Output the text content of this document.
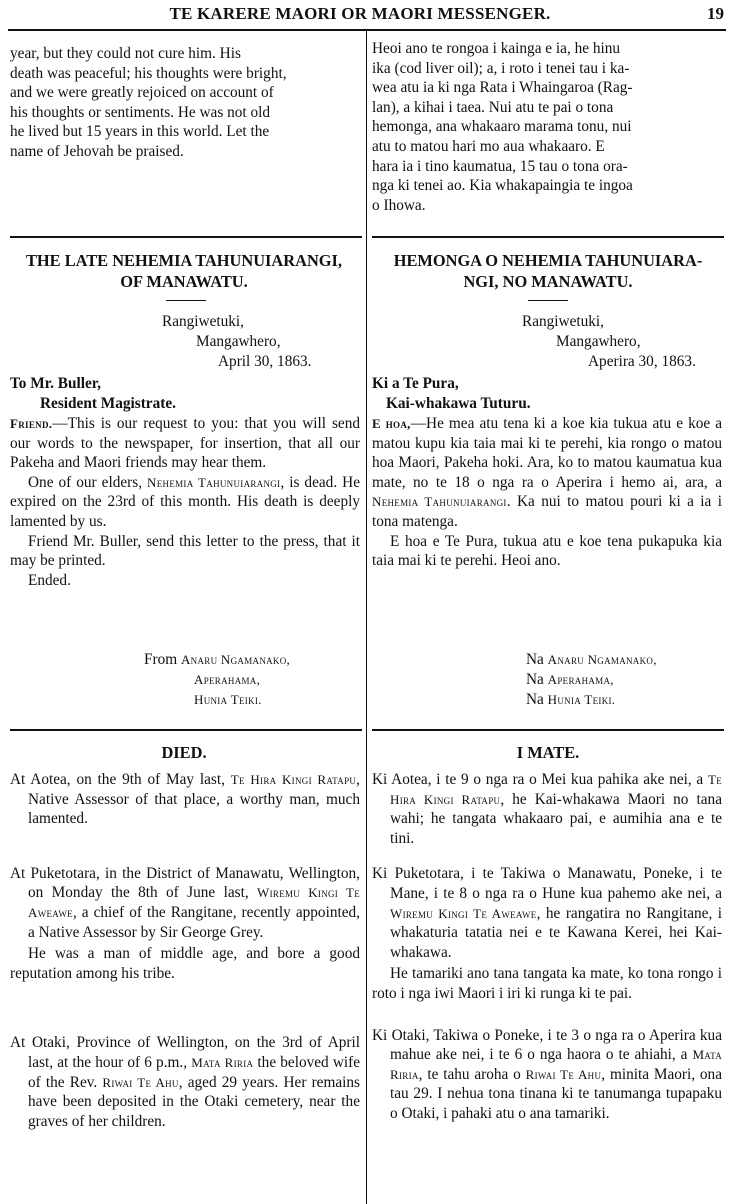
TE KARERE MAORI OR MAORI MESSENGER.	19
year, but they could not cure him. His
death was peaceful; his thoughts were bright,
and we were greatly rejoiced on account of
his thoughts or sentiments. He was not old
he lived but 15 years in this world. Let the
name of Jehovah be praised.
Heoi ano te rongoa i kainga e ia, he hinu
ika (cod liver oil); a, i roto i tenei tau i ka-
wea atu ia ki nga Rata i Whaingaroa (Rag-
lan), a kihai i taea. Nui atu te pai o tona
hemonga, ana whakaaro marama tonu, nui
atu to matou hari mo aua whakaaro. E
hara ia i tino kaumatua, 15 tau o tona ora-
nga ki tenei ao. Kia whakapaingia te ingoa
o Ihowa.
THE LATE NEHEMIA TAHUNUIARANGI,
OF MANAWATU.
Rangiwetuki,
Mangawhero,
April 30, 1863.
To Mr. Buller,
Resident Magistrate.

Friend.—This is our request to you: that you will send our words to the newspaper, for insertion, that all our Pakeha and Maori friends may hear them.

One of our elders, Nehemia Tahunuiarangi, is dead. He expired on the 23rd of this month. His death is deeply lamented by us.

Friend Mr. Buller, send this letter to the press, that it may be printed.

Ended.

From Anaru Ngamanako,
Aperahama,
Hunia Teiki.
HEMONGA O NEHEMIA TAHUNUIARA-
NGI, NO MANAWATU.
Rangiwetuki,
Mangawhero,
Aperira 30, 1863.
Ki a Te Pura,
Kai-whakawa Tuturu.

E hoa,—He mea atu tena ki a koe kia tukua atu e koe a matou kupu kia taia mai ki te perehi, kia rongo o matou hoa Maori, Pakeha hoki. Ara, ko to matou kaumatua kua mate, no te 18 o nga ra o Aperira i hemo ai, ara, a Nehemia Tahunuiarangi. Ka nui to matou pouri ki a ia i tona matenga.

E hoa e Te Pura, tukua atu e koe tena pukapuka kia taia mai ki te perehi. Heoi ano.

Na Anaru Ngamanako,
Na Aperahama,
Na Hunia Teiki.
DIED.

At Aotea, on the 9th of May last, Te Hira Kingi Ratapu, Native Assessor of that place, a worthy man, much lamented.

At Puketotara, in the District of Manawatu, Wellington, on Monday the 8th of June last, Wiremu Kingi Te Aweawe, a chief of the Rangitane, recently appointed, a Native Assessor by Sir George Grey.

He was a man of middle age, and bore a good reputation among his tribe.

At Otaki, Province of Wellington, on the 3rd of April last, at the hour of 6 p.m., Mata Riria the beloved wife of the Rev. Riwai Te Ahu, aged 29 years. Her remains have been deposited in the Otaki cemetery, near the graves of her children.

I MATE.

Ki Aotea, i te 9 o nga ra o Mei kua pahika ake nei, a Te Hira Kingi Ratapu, he Kai-whakawa Maori no tana wahi; he tangata whakaaro pai, e aumihia ana e te tini.

Ki Puketotara, i te Takiwa o Manawatu, Poneke, i te Mane, i te 8 o nga ra o Hune kua pahemo ake nei, a Wiremu Kingi Te Aweawe, he rangatira no Rangitane, i whakaturia tatatia nei e te Kawana Kerei, hei Kai-whakawa.

He tamariki ano tana tangata ka mate, ko tona rongo i roto i nga iwi Maori i iri ki runga ki te pai.

Ki Otaki, Takiwa o Poneke, i te 3 o nga ra o Aperira kua mahue ake nei, i te 6 o nga haora o te ahiahi, a Mata Riria, te tahu aroha o Riwai Te Ahu, minita Maori, ona tau 29. I nehua tona tinana ki te tanumanga tupapaku o Otaki, i pahaki atu o ana tamariki.
